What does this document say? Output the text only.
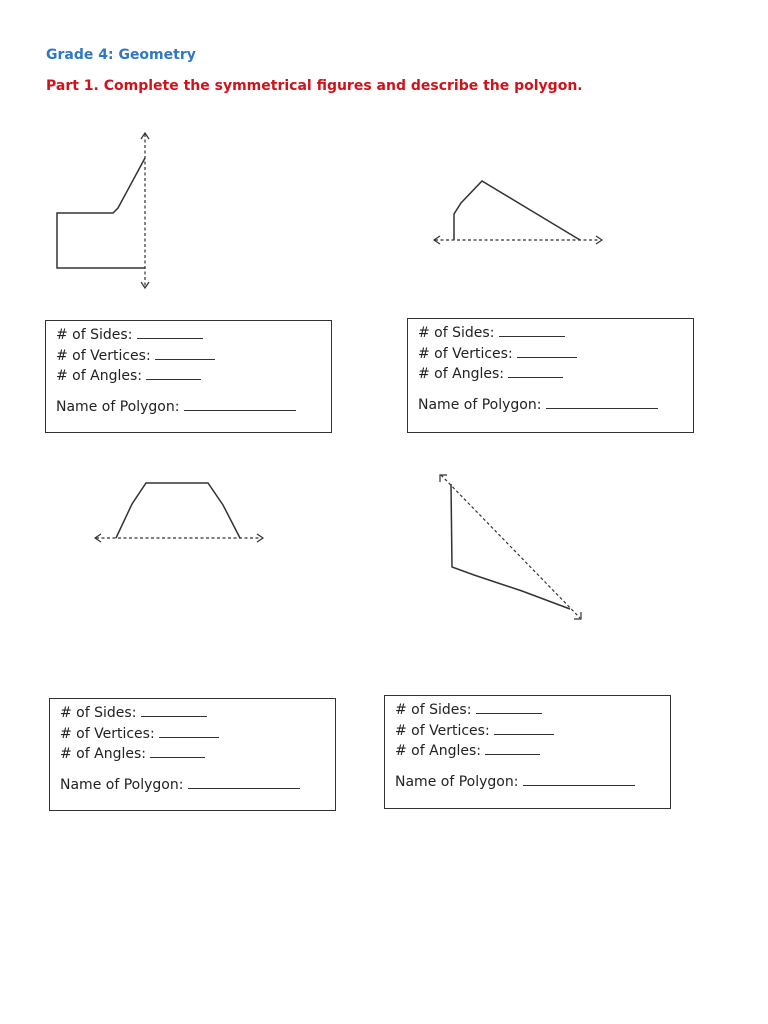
Grade 4: Geometry
Part 1. Complete the symmetrical figures and describe the polygon.
# of Sides:
# of Vertices:
# of Angles:
Name of Polygon:
# of Sides:
# of Vertices:
# of Angles:
Name of Polygon:
# of Sides:
# of Vertices:
# of Angles:
Name of Polygon:
# of Sides:
# of Vertices:
# of Angles:
Name of Polygon:
